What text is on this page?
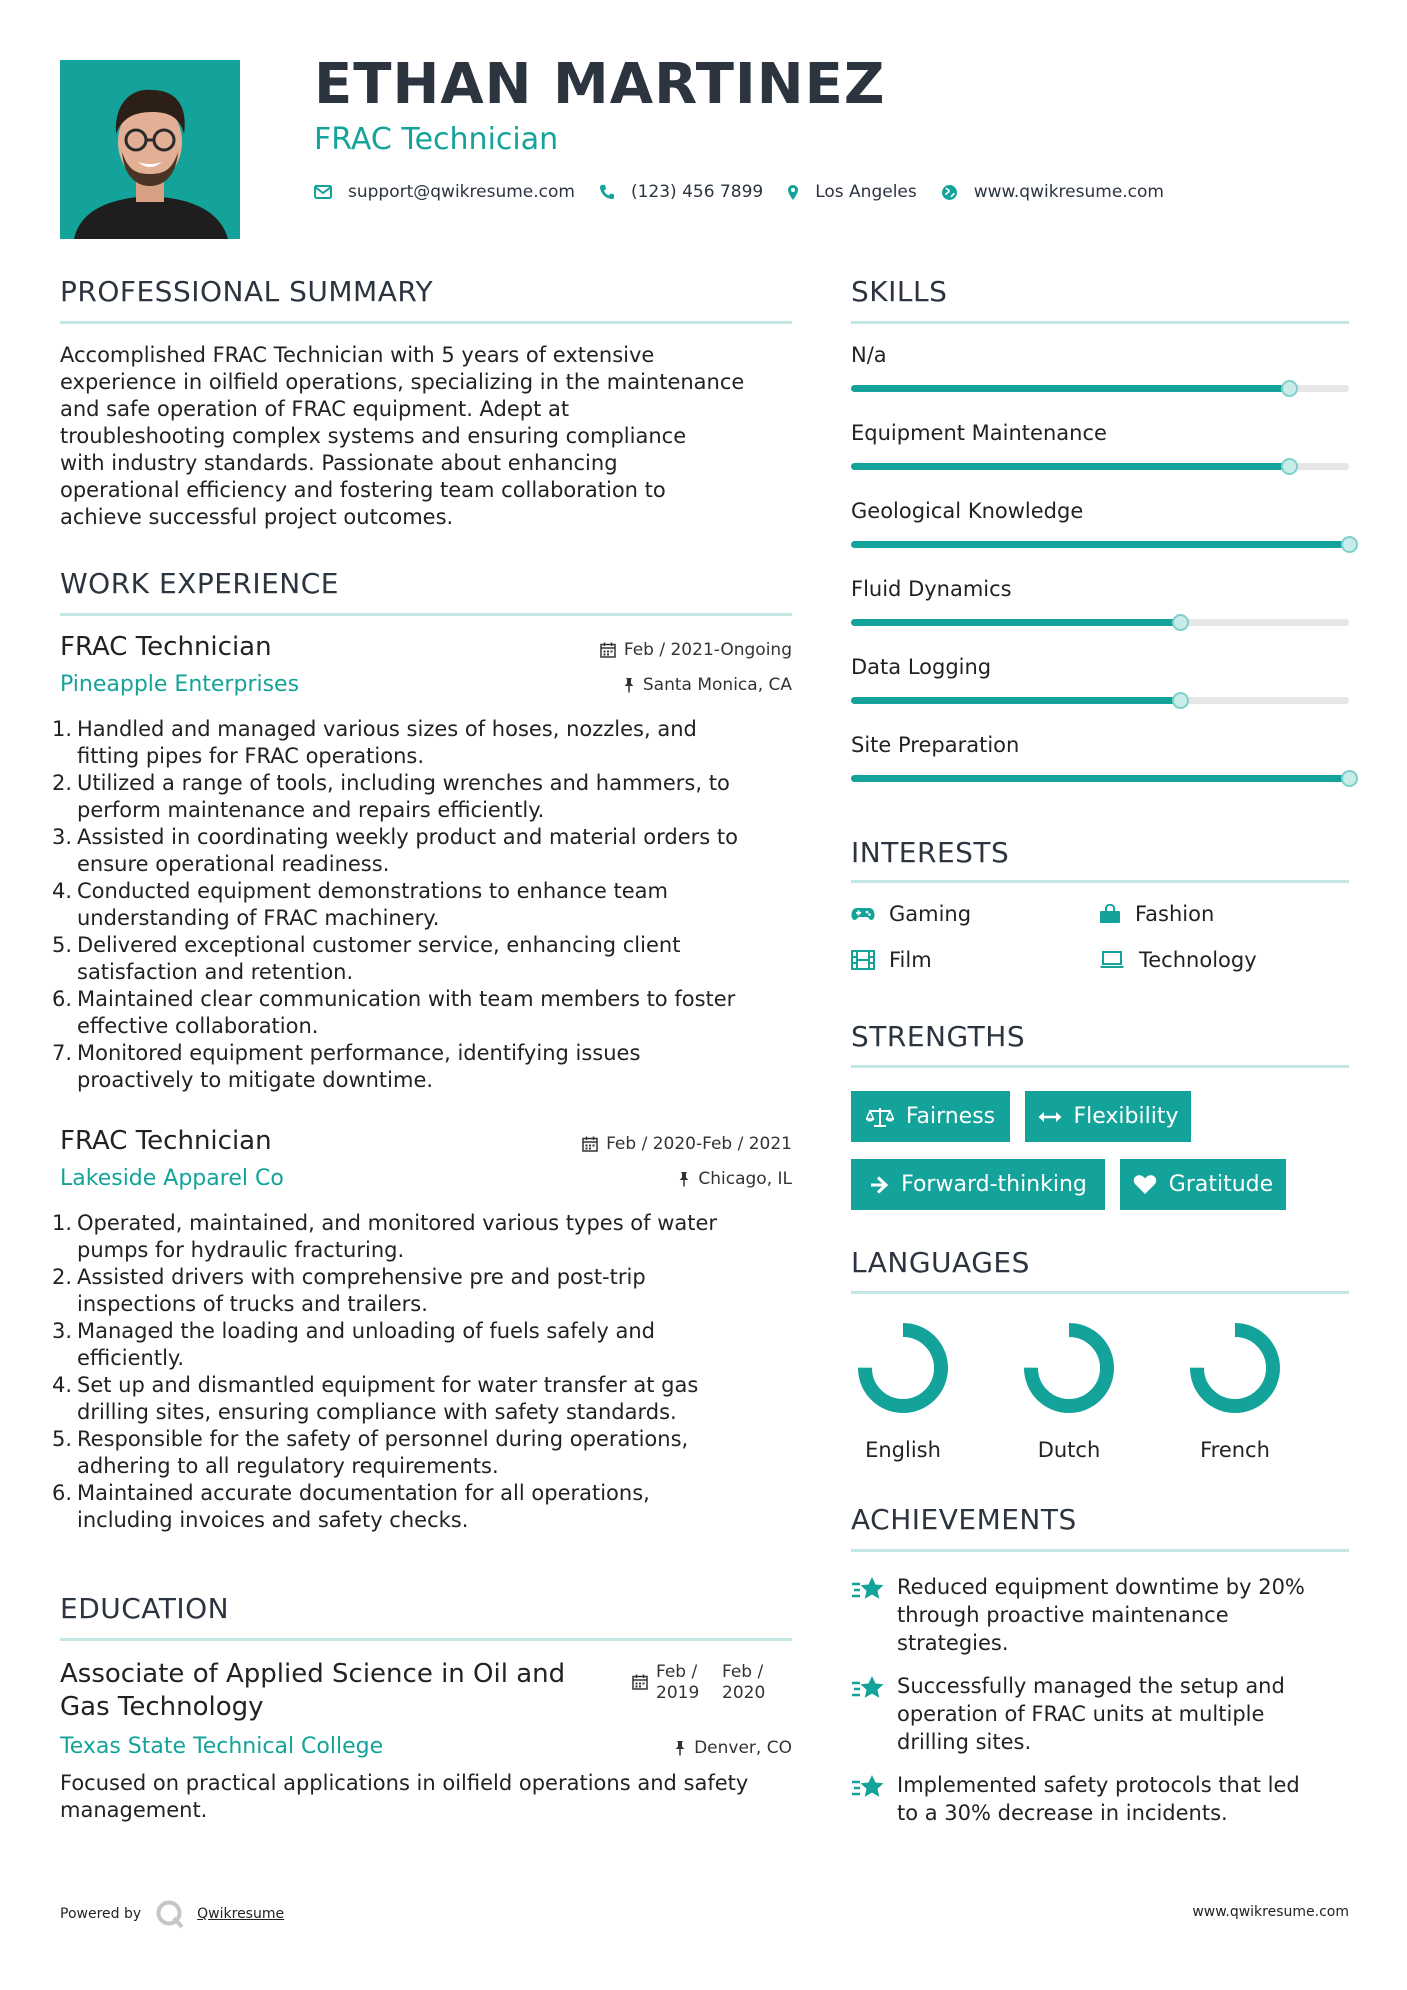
ETHAN MARTINEZ
FRAC Technician
support@qwikresume.com	(123) 456 7899	Los Angeles	www.qwikresume.com
PROFESSIONAL SUMMARY
Accomplished FRAC Technician with 5 years of extensive
experience in oilfield operations, specializing in the maintenance
and safe operation of FRAC equipment. Adept at
troubleshooting complex systems and ensuring compliance
with industry standards. Passionate about enhancing
operational efficiency and fostering team collaboration to
achieve successful project outcomes.
WORK EXPERIENCE
FRAC Technician
Pineapple Enterprises
Feb / 2021-Ongoing
Santa Monica, CA
1. Handled and managed various sizes of hoses, nozzles, and
fitting pipes for FRAC operations.
2. Utilized a range of tools, including wrenches and hammers, to
perform maintenance and repairs efficiently.
3. Assisted in coordinating weekly product and material orders to
ensure operational readiness.
4. Conducted equipment demonstrations to enhance team
understanding of FRAC machinery.
5. Delivered exceptional customer service, enhancing client
satisfaction and retention.
6. Maintained clear communication with team members to foster
effective collaboration.
7. Monitored equipment performance, identifying issues
proactively to mitigate downtime.
FRAC Technician
Lakeside Apparel Co
Feb / 2020-Feb / 2021
Chicago, IL
1. Operated, maintained, and monitored various types of water
pumps for hydraulic fracturing.
2. Assisted drivers with comprehensive pre and post-trip
inspections of trucks and trailers.
3. Managed the loading and unloading of fuels safely and
efficiently.
4. Set up and dismantled equipment for water transfer at gas
drilling sites, ensuring compliance with safety standards.
5. Responsible for the safety of personnel during operations,
adhering to all regulatory requirements.
6. Maintained accurate documentation for all operations,
including invoices and safety checks.
EDUCATION
Associate of Applied Science in Oil and
Gas Technology
Feb /
2019
Feb /
2020
Texas State Technical College	Denver, CO
Focused on practical applications in oilfield operations and safety
management.
SKILLS
N/a
Equipment Maintenance
Geological Knowledge
Fluid Dynamics
Data Logging
Site Preparation
INTERESTS
Gaming	Fashion
Film	Technology
STRENGTHS
Fairness	Flexibility
Forward-thinking	Gratitude
LANGUAGES
English	Dutch	French
ACHIEVEMENTS
Reduced equipment downtime by 20%
through proactive maintenance
strategies.
Successfully managed the setup and
operation of FRAC units at multiple
drilling sites.
Implemented safety protocols that led
to a 30% decrease in incidents.
Powered by	Qwikresume	www.qwikresume.com
